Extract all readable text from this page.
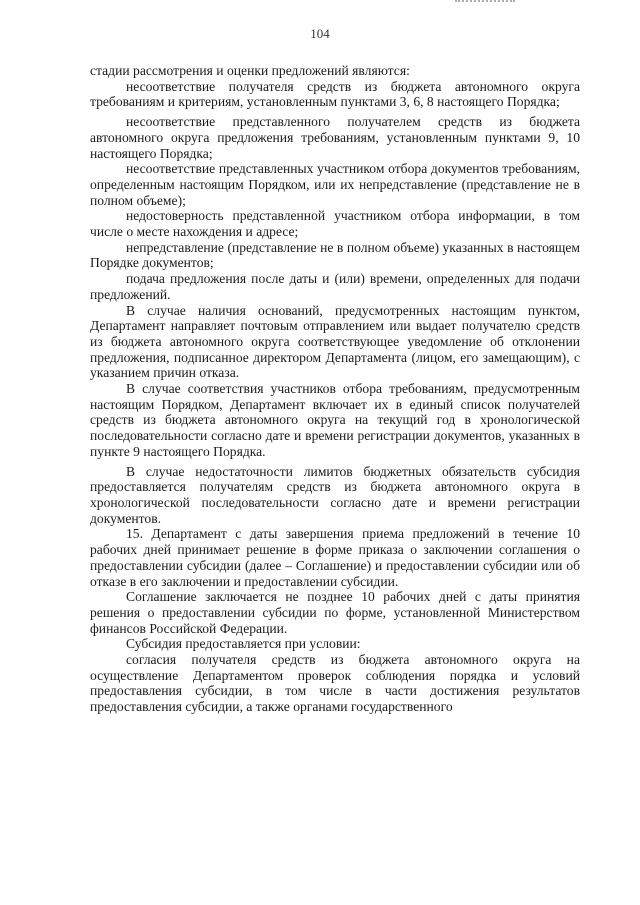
104

стадии рассмотрения и оценки предложений являются:

несоответствие получателя средств из бюджета автономного округа требованиям и критериям, установленным пунктами 3, 6, 8 настоящего Порядка;

несоответствие представленного получателем средств из бюджета автономного округа предложения требованиям, установленным пунктами 9, 10 настоящего Порядка;

несоответствие представленных участником отбора документов требованиям, определенным настоящим Порядком, или их непредставление (представление не в полном объеме);

недостоверность представленной участником отбора информации, в том числе о месте нахождения и адресе;

непредставление (представление не в полном объеме) указанных в настоящем Порядке документов;

подача предложения после даты и (или) времени, определенных для подачи предложений.

В случае наличия оснований, предусмотренных настоящим пунктом, Департамент направляет почтовым отправлением или выдает получателю средств из бюджета автономного округа соответствующее уведомление об отклонении предложения, подписанное директором Департамента (лицом, его замещающим), с указанием причин отказа.

В случае соответствия участников отбора требованиям, предусмотренным настоящим Порядком, Департамент включает их в единый список получателей средств из бюджета автономного округа на текущий год в хронологической последовательности согласно дате и времени регистрации документов, указанных в пункте 9 настоящего Порядка.

В случае недостаточности лимитов бюджетных обязательств субсидия предоставляется получателям средств из бюджета автономного округа в хронологической последовательности согласно дате и времени регистрации документов.

15. Департамент с даты завершения приема предложений в течение 10 рабочих дней принимает решение в форме приказа о заключении соглашения о предоставлении субсидии (далее – Соглашение) и предоставлении субсидии или об отказе в его заключении и предоставлении субсидии.

Соглашение заключается не позднее 10 рабочих дней с даты принятия решения о предоставлении субсидии по форме, установленной Министерством финансов Российской Федерации.

Субсидия предоставляется при условии:

согласия получателя средств из бюджета автономного округа на осуществление Департаментом проверок соблюдения порядка и условий предоставления субсидии, в том числе в части достижения результатов предоставления субсидии, а также органами государственного
